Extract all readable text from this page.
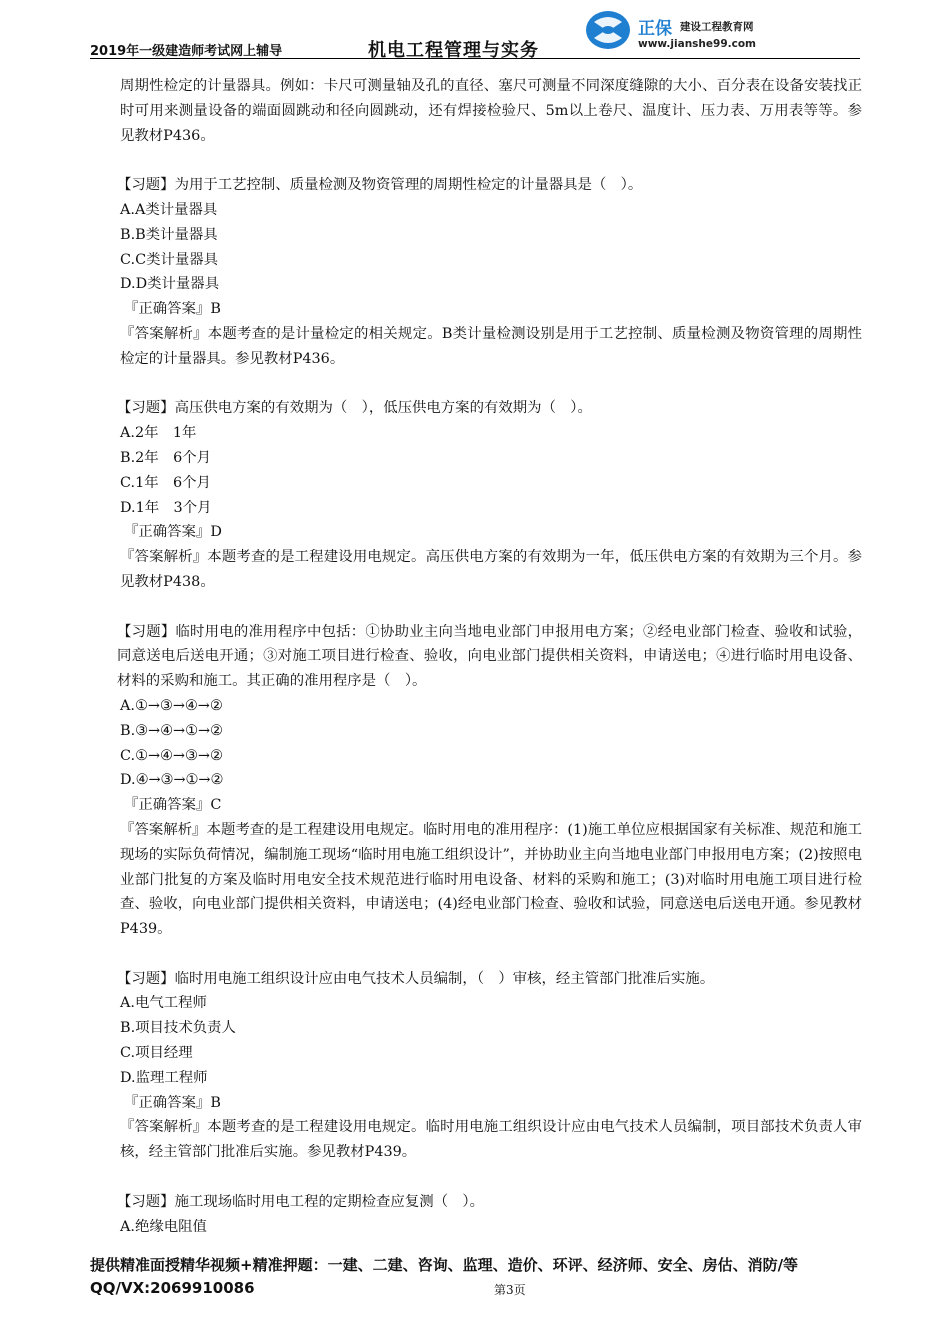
2019年一级建造师考试网上辅导	机电工程管理与实务
正保 建设工程教育网
www.jianshe99.com

周期性检定的计量器具。例如：卡尺可测量轴及孔的直径、塞尺可测量不同深度缝隙的大小、百分表在设备安装找正时可用来测量设备的端面圆跳动和径向圆跳动，还有焊接检验尺、5m以上卷尺、温度计、压力表、万用表等等。参见教材P436。

【习题】为用于工艺控制、质量检测及物资管理的周期性检定的计量器具是（　）。

A.A类计量器具

B.B类计量器具

C.C类计量器具

D.D类计量器具

『正确答案』B

『答案解析』本题考查的是计量检定的相关规定。B类计量检测设别是用于工艺控制、质量检测及物资管理的周期性检定的计量器具。参见教材P436。

【习题】高压供电方案的有效期为（　），低压供电方案的有效期为（　）。

A.2年　1年

B.2年　6个月

C.1年　6个月

D.1年　3个月

『正确答案』D

『答案解析』本题考查的是工程建设用电规定。高压供电方案的有效期为一年，低压供电方案的有效期为三个月。参见教材P438。

【习题】临时用电的准用程序中包括：①协助业主向当地电业部门申报用电方案；②经电业部门检查、验收和试验，同意送电后送电开通；③对施工项目进行检查、验收，向电业部门提供相关资料，申请送电；④进行临时用电设备、材料的采购和施工。其正确的准用程序是（　）。

A.①→③→④→②

B.③→④→①→②

C.①→④→③→②

D.④→③→①→②

『正确答案』C

『答案解析』本题考查的是工程建设用电规定。临时用电的准用程序：(1)施工单位应根据国家有关标准、规范和施工现场的实际负荷情况，编制施工现场“临时用电施工组织设计”，并协助业主向当地电业部门申报用电方案；(2)按照电业部门批复的方案及临时用电安全技术规范进行临时用电设备、材料的采购和施工；(3)对临时用电施工项目进行检查、验收，向电业部门提供相关资料，申请送电；(4)经电业部门检查、验收和试验，同意送电后送电开通。参见教材P439。

【习题】临时用电施工组织设计应由电气技术人员编制，（　）审核，经主管部门批准后实施。

A.电气工程师

B.项目技术负责人

C.项目经理

D.监理工程师

『正确答案』B

『答案解析』本题考查的是工程建设用电规定。临时用电施工组织设计应由电气技术人员编制，项目部技术负责人审核，经主管部门批准后实施。参见教材P439。

【习题】施工现场临时用电工程的定期检查应复测（　）。

A.绝缘电阻值

提供精准面授精华视频+精准押题：一建、二建、咨询、监理、造价、环评、经济师、安全、房估、消防/等
QQ/VX:2069910086	第3页
